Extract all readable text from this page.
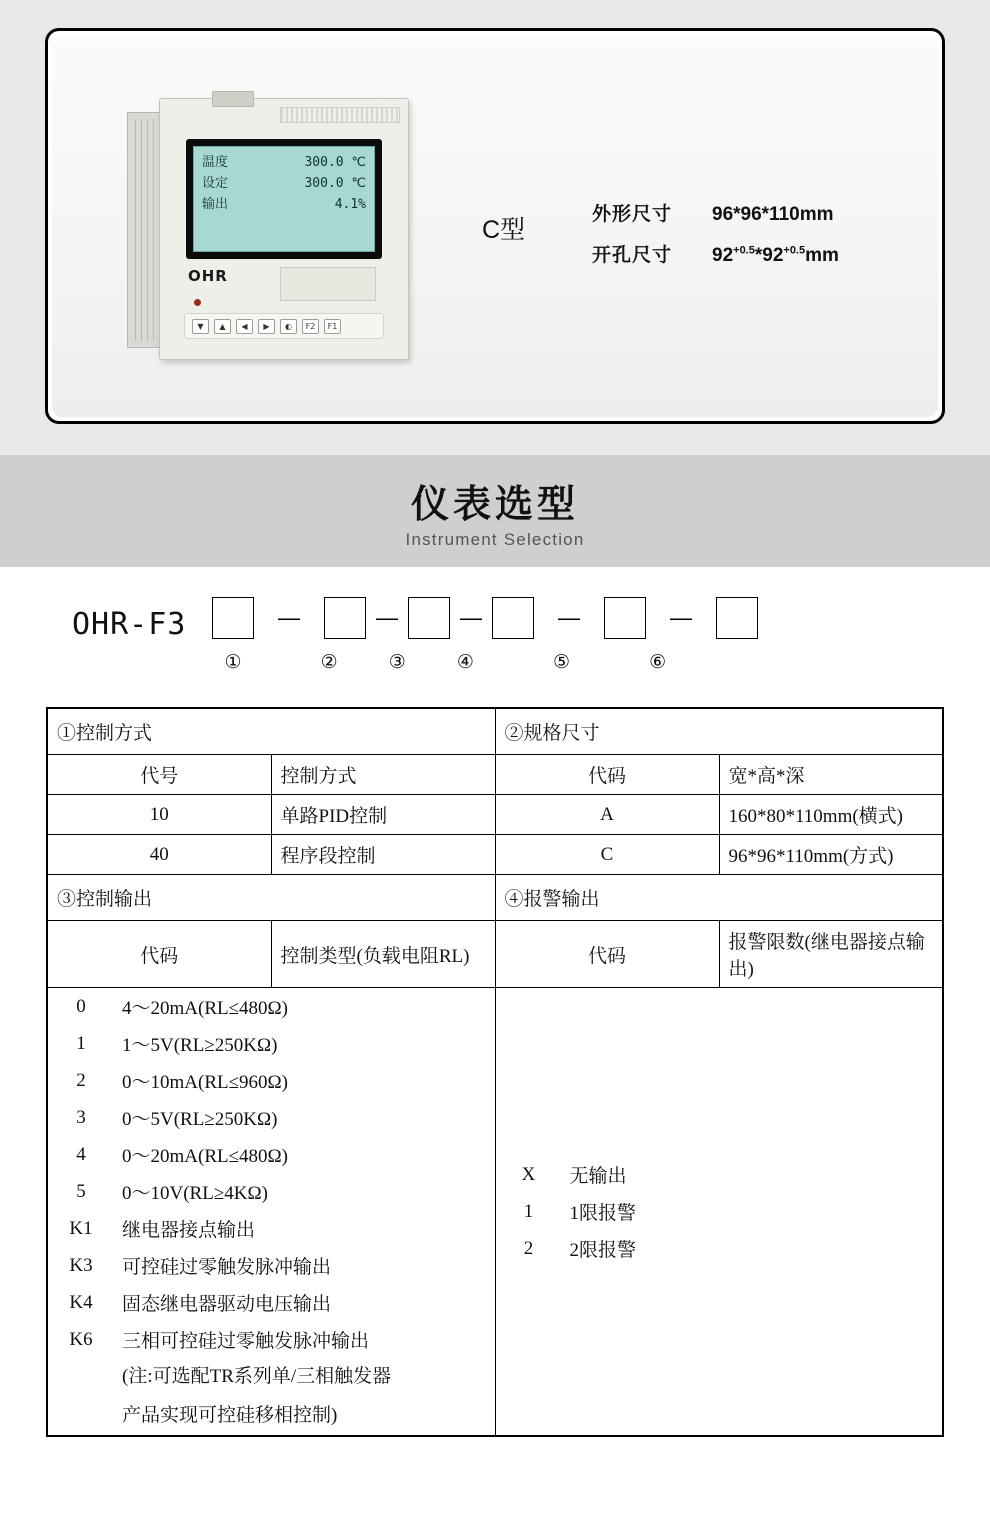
温度	300.0 ℃
设定	300.0 ℃
输出	4.1%
OHR
▼	▲	◀	▶	◐	F2	F1
C型
外形尺寸	96*96*110mm
开孔尺寸	$92^{+0.5}*92^{+0.5}mm$
仪表选型
Instrument Selection
OHR-F3	—	—	—	—	—
①
	②
	③
	④
	⑤
	⑥
①控制方式	②规格尺寸
代号	控制方式	代码	宽*高*深
10	单路PID控制	A	160*80*110mm(横式)
40	程序段控制	C	96*96*110mm(方式)
③控制输出	④报警输出
代码	控制类型(负载电阻RL)	代码	报警限数(继电器接点输出)

0	4～20mA(RL≤480Ω)
1	1～5V(RL≥250KΩ)
2	0～10mA(RL≤960Ω)
3	0～5V(RL≥250KΩ)
4	0～20mA(RL≤480Ω)
5	0～10V(RL≥4KΩ)
K1	继电器接点输出
K3	可控硅过零触发脉冲输出
K4	固态继电器驱动电压输出
K6	三相可控硅过零触发脉冲输出
	(注:可选配TR系列单/三相触发器
	产品实现可控硅移相控制)

X	无输出
1	1限报警
2	2限报警
